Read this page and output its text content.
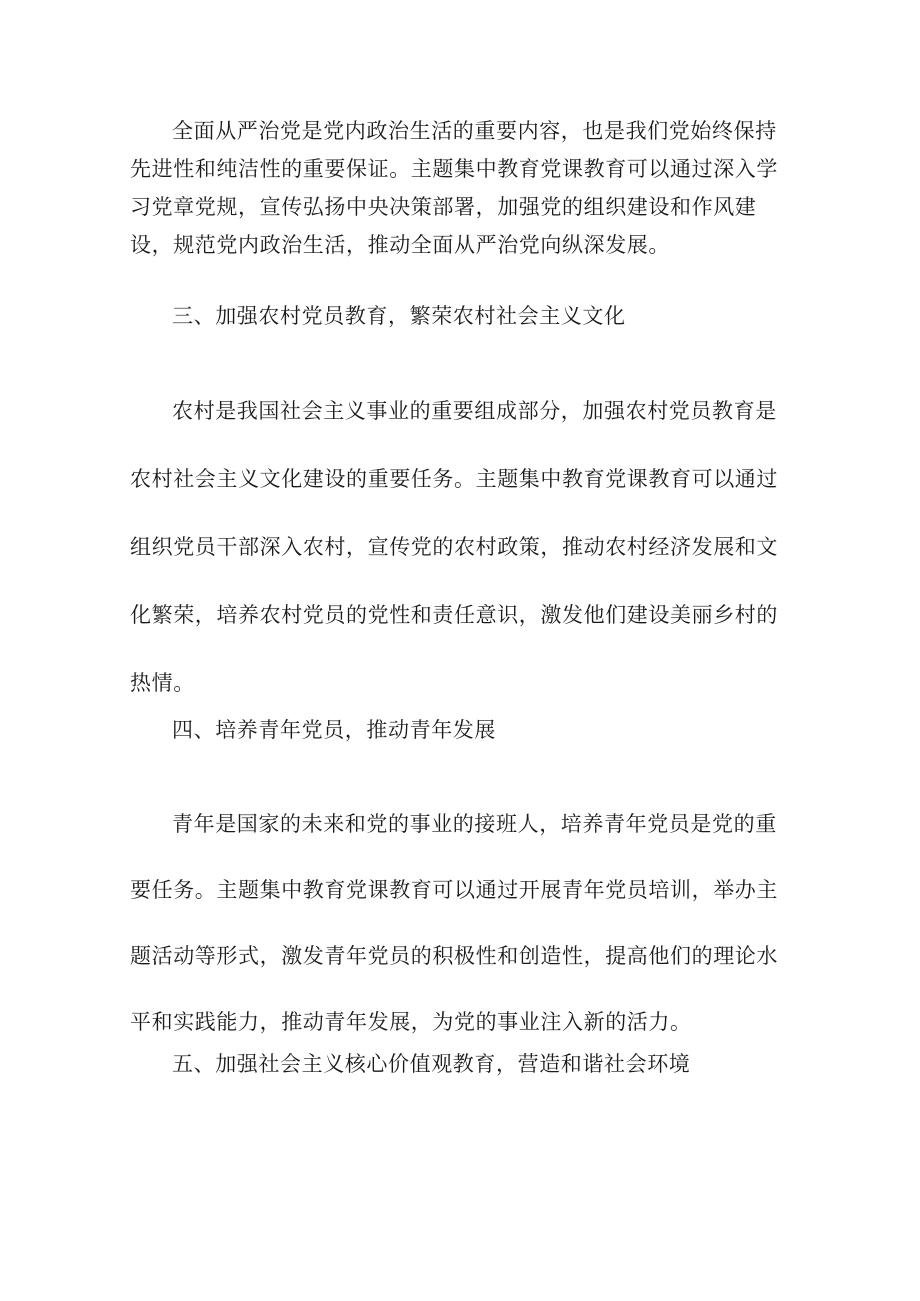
全面从严治党是党内政治生活的重要内容，也是我们党始终保持先进性和纯洁性的重要保证。主题集中教育党课教育可以通过深入学习党章党规，宣传弘扬中央决策部署，加强党的组织建设和作风建设，规范党内政治生活，推动全面从严治党向纵深发展。

三、加强农村党员教育，繁荣农村社会主义文化

农村是我国社会主义事业的重要组成部分，加强农村党员教育是农村社会主义文化建设的重要任务。主题集中教育党课教育可以通过组织党员干部深入农村，宣传党的农村政策，推动农村经济发展和文化繁荣，培养农村党员的党性和责任意识，激发他们建设美丽乡村的热情。

四、培养青年党员，推动青年发展

青年是国家的未来和党的事业的接班人，培养青年党员是党的重要任务。主题集中教育党课教育可以通过开展青年党员培训，举办主题活动等形式，激发青年党员的积极性和创造性，提高他们的理论水平和实践能力，推动青年发展，为党的事业注入新的活力。

五、加强社会主义核心价值观教育，营造和谐社会环境
